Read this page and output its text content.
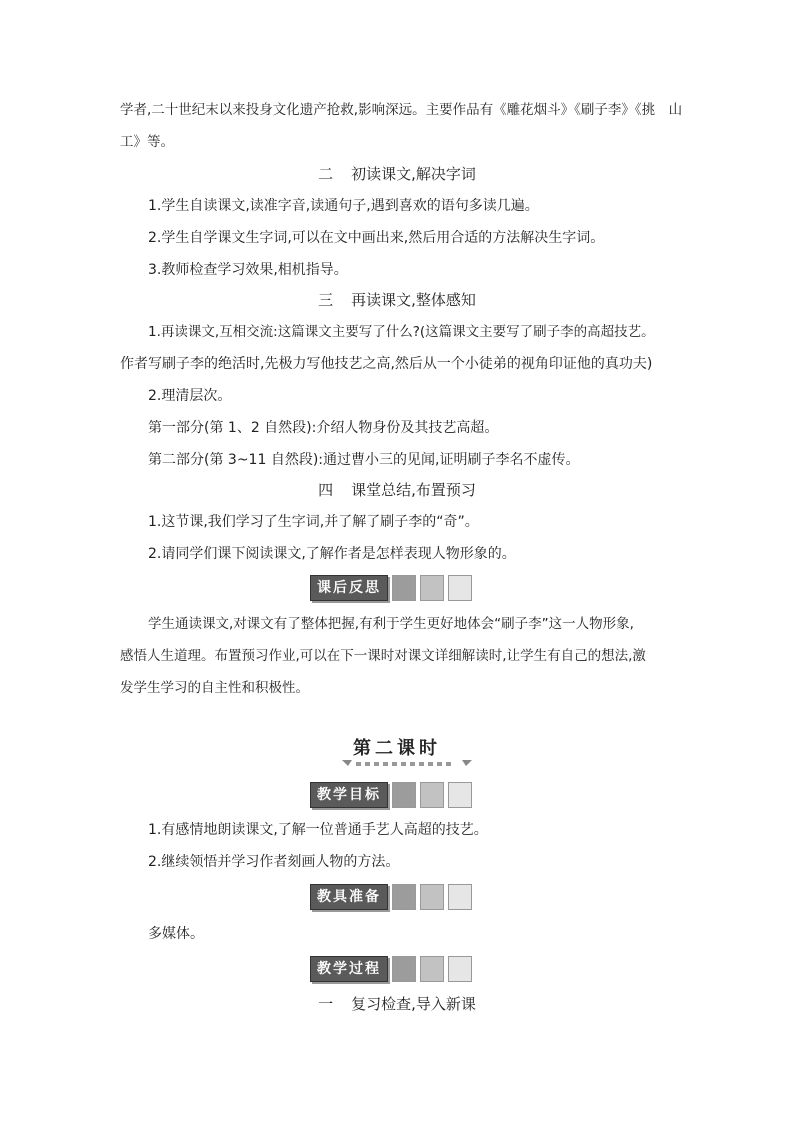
学者,二十世纪末以来投身文化遗产抢救,影响深远。主要作品有《雕花烟斗》《刷子李》《挑　山
工》等。
二 初读课文,解决字词
1.学生自读课文,读准字音,读通句子,遇到喜欢的语句多读几遍。
2.学生自学课文生字词,可以在文中画出来,然后用合适的方法解决生字词。
3.教师检查学习效果,相机指导。
三 再读课文,整体感知
1.再读课文,互相交流:这篇课文主要写了什么?(这篇课文主要写了刷子李的高超技艺。
作者写刷子李的绝活时,先极力写他技艺之高,然后从一个小徒弟的视角印证他的真功夫)
2.理清层次。
第一部分(第 1、2 自然段):介绍人物身份及其技艺高超。
第二部分(第 3~11 自然段):通过曹小三的见闻,证明刷子李名不虚传。
四 课堂总结,布置预习
1.这节课,我们学习了生字词,并了解了刷子李的“奇”。
2.请同学们课下阅读课文,了解作者是怎样表现人物形象的。
课后反思
学生通读课文,对课文有了整体把握,有利于学生更好地体会“刷子李”这一人物形象,
感悟人生道理。布置预习作业,可以在下一课时对课文详细解读时,让学生有自己的想法,激
发学生学习的自主性和积极性。
第二课时
教学目标
1.有感情地朗读课文,了解一位普通手艺人高超的技艺。
2.继续领悟并学习作者刻画人物的方法。
教具准备
多媒体。
教学过程
一 复习检查,导入新课
